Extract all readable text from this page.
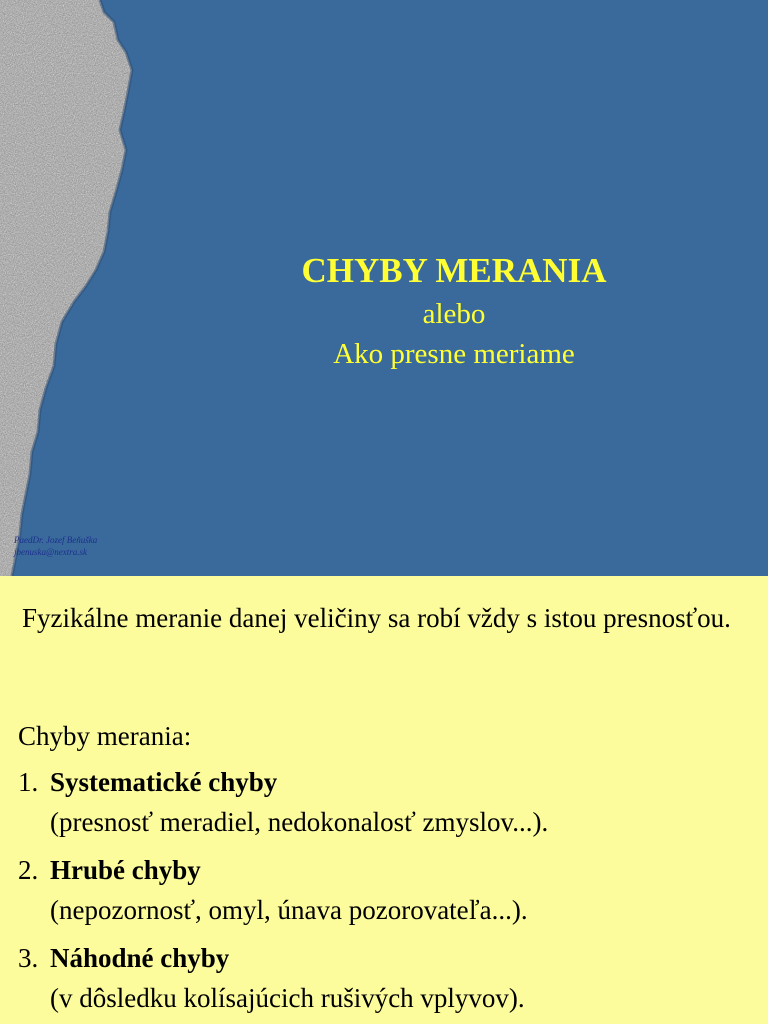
CHYBY MERANIA
alebo
Ako presne meriame
PaedDr. Jozef Beňuška
jbenuska@nextra.sk
Fyzikálne meranie danej veličiny sa robí vždy s istou presnosťou.
Chyby merania:
1. Systematické chyby
(presnosť meradiel, nedokonalosť zmyslov...).
2. Hrubé chyby
(nepozornosť, omyl, únava pozorovateľa...).
3. Náhodné chyby
(v dôsledku kolísajúcich rušivých vplyvov).
